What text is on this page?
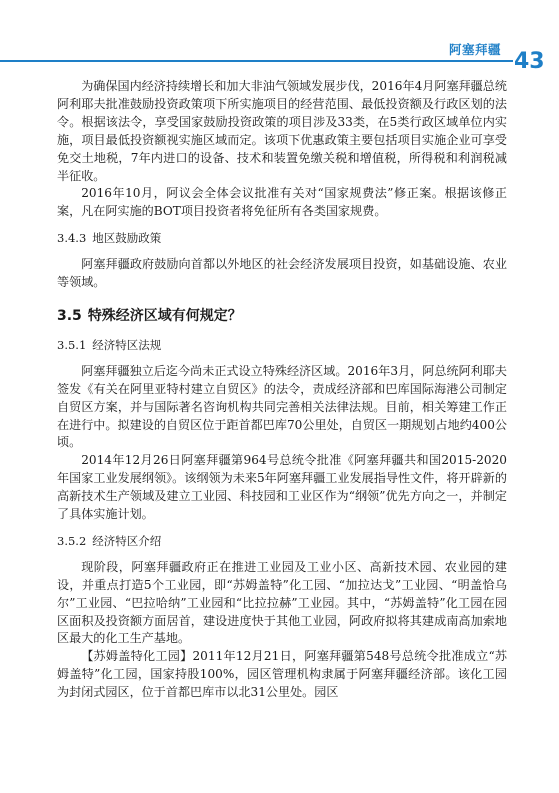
阿塞拜疆 43

为确保国内经济持续增长和加大非油气领域发展步伐，2016年4月阿塞拜疆总统阿利耶夫批准鼓励投资政策项下所实施项目的经营范围、最低投资额及行政区划的法令。根据该法令，享受国家鼓励投资政策的项目涉及33类，在5类行政区域单位内实施，项目最低投资额视实施区域而定。该项下优惠政策主要包括项目实施企业可享受免交土地税，7年内进口的设备、技术和装置免缴关税和增值税，所得税和利润税减半征收。

2016年10月，阿议会全体会议批准有关对“国家规费法”修正案。根据该修正案，凡在阿实施的BOT项目投资者将免征所有各类国家规费。

3.4.3 地区鼓励政策

阿塞拜疆政府鼓励向首都以外地区的社会经济发展项目投资，如基础设施、农业等领域。

3.5 特殊经济区域有何规定？
3.5.1 经济特区法规

阿塞拜疆独立后迄今尚未正式设立特殊经济区域。2016年3月，阿总统阿利耶夫签发《有关在阿里亚特村建立自贸区》的法令，责成经济部和巴库国际海港公司制定自贸区方案，并与国际著名咨询机构共同完善相关法律法规。目前，相关筹建工作正在进行中。拟建设的自贸区位于距首都巴库70公里处，自贸区一期规划占地约400公顷。

2014年12月26日阿塞拜疆第964号总统令批准《阿塞拜疆共和国2015-2020年国家工业发展纲领》。该纲领为未来5年阿塞拜疆工业发展指导性文件，将开辟新的高新技术生产领域及建立工业园、科技园和工业区作为“纲领”优先方向之一，并制定了具体实施计划。

3.5.2 经济特区介绍

现阶段，阿塞拜疆政府正在推进工业园及工业小区、高新技术园、农业园的建设，并重点打造5个工业园，即“苏姆盖特”化工园、“加拉达戈”工业园、“明盖恰乌尔”工业园、“巴拉哈纳”工业园和“比拉拉赫”工业园。其中，“苏姆盖特”化工园在园区面积及投资额方面居首，建设进度快于其他工业园，阿政府拟将其建成南高加索地区最大的化工生产基地。

【苏姆盖特化工园】2011年12月21日，阿塞拜疆第548号总统令批准成立“苏姆盖特”化工园，国家持股100%，园区管理机构隶属于阿塞拜疆经济部。该化工园为封闭式园区，位于首都巴库市以北31公里处。园区
